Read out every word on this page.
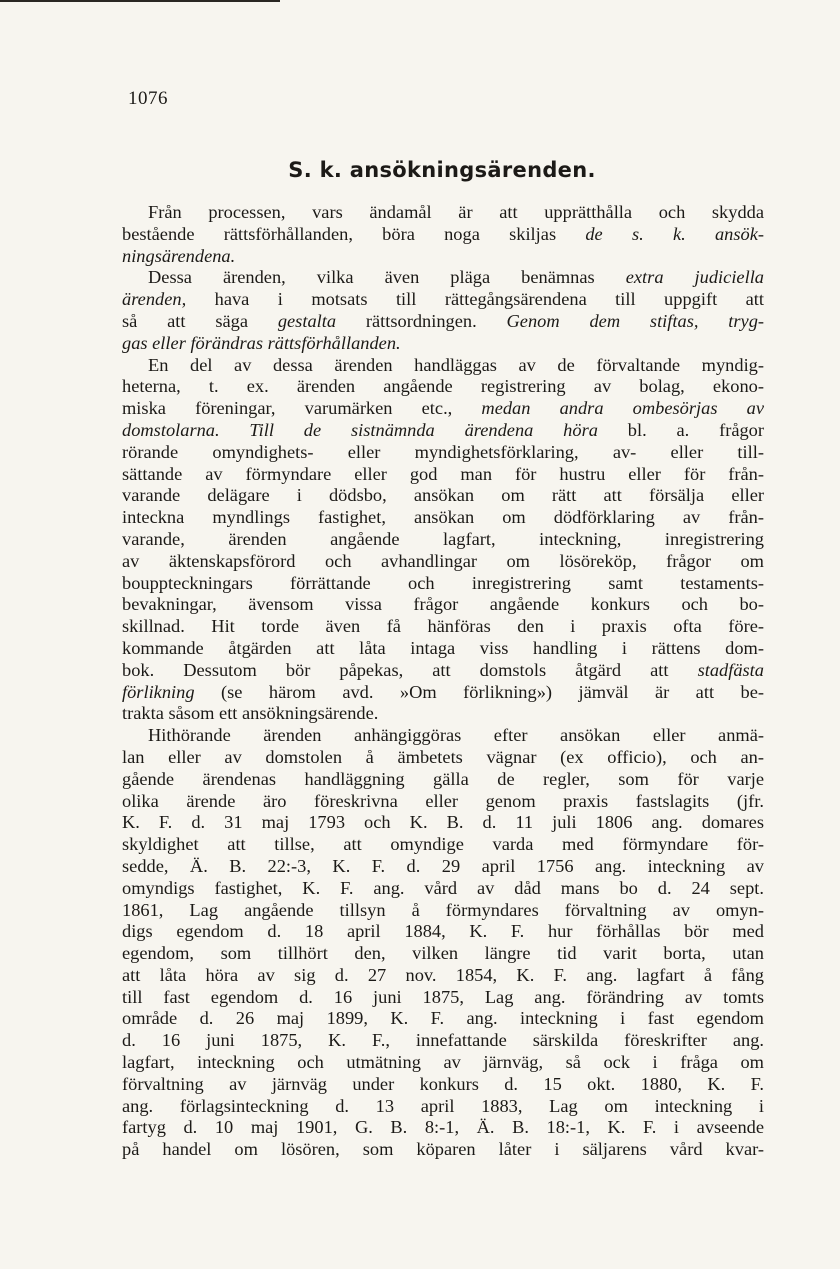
1076
S. k. ansökningsärenden.
Från processen, vars ändamål är att upprätthålla och skydda
bestående rättsförhållanden, böra noga skiljas de s. k. ansök-
ningsärendena.
Dessa ärenden, vilka även pläga benämnas extra judiciella
ärenden, hava i motsats till rättegångsärendena till uppgift att
så att säga gestalta rättsordningen. Genom dem stiftas, tryg-
gas eller förändras rättsförhållanden.
En del av dessa ärenden handläggas av de förvaltande myndig-
heterna, t. ex. ärenden angående registrering av bolag, ekono-
miska föreningar, varumärken etc., medan andra ombesörjas av
domstolarna. Till de sistnämnda ärendena höra bl. a. frågor
rörande omyndighets- eller myndighetsförklaring, av- eller till-
sättande av förmyndare eller god man för hustru eller för från-
varande delägare i dödsbo, ansökan om rätt att försälja eller
inteckna myndlings fastighet, ansökan om dödförklaring av från-
varande, ärenden angående lagfart, inteckning, inregistrering
av äktenskapsförord och avhandlingar om lösöreköp, frågor om
bouppteckningars förrättande och inregistrering samt testaments-
bevakningar, ävensom vissa frågor angående konkurs och bo-
skillnad. Hit torde även få hänföras den i praxis ofta före-
kommande åtgärden att låta intaga viss handling i rättens dom-
bok. Dessutom bör påpekas, att domstols åtgärd att stadfästa
förlikning (se härom avd. »Om förlikning») jämväl är att be-
trakta såsom ett ansökningsärende.
Hithörande ärenden anhängiggöras efter ansökan eller anmä-
lan eller av domstolen å ämbetets vägnar (ex officio), och an-
gående ärendenas handläggning gälla de regler, som för varje
olika ärende äro föreskrivna eller genom praxis fastslagits (jfr.
K. F. d. 31 maj 1793 och K. B. d. 11 juli 1806 ang. domares
skyldighet att tillse, att omyndige varda med förmyndare för-
sedde, Ä. B. 22:-3, K. F. d. 29 april 1756 ang. inteckning av
omyndigs fastighet, K. F. ang. vård av dåd mans bo d. 24 sept.
1861, Lag angående tillsyn å förmyndares förvaltning av omyn-
digs egendom d. 18 april 1884, K. F. hur förhållas bör med
egendom, som tillhört den, vilken längre tid varit borta, utan
att låta höra av sig d. 27 nov. 1854, K. F. ang. lagfart å fång
till fast egendom d. 16 juni 1875, Lag ang. förändring av tomts
område d. 26 maj 1899, K. F. ang. inteckning i fast egendom
d. 16 juni 1875, K. F., innefattande särskilda föreskrifter ang.
lagfart, inteckning och utmätning av järnväg, så ock i fråga om
förvaltning av järnväg under konkurs d. 15 okt. 1880, K. F.
ang. förlagsinteckning d. 13 april 1883, Lag om inteckning i
fartyg d. 10 maj 1901, G. B. 8:-1, Ä. B. 18:-1, K. F. i avseende
på handel om lösören, som köparen låter i säljarens vård kvar-
